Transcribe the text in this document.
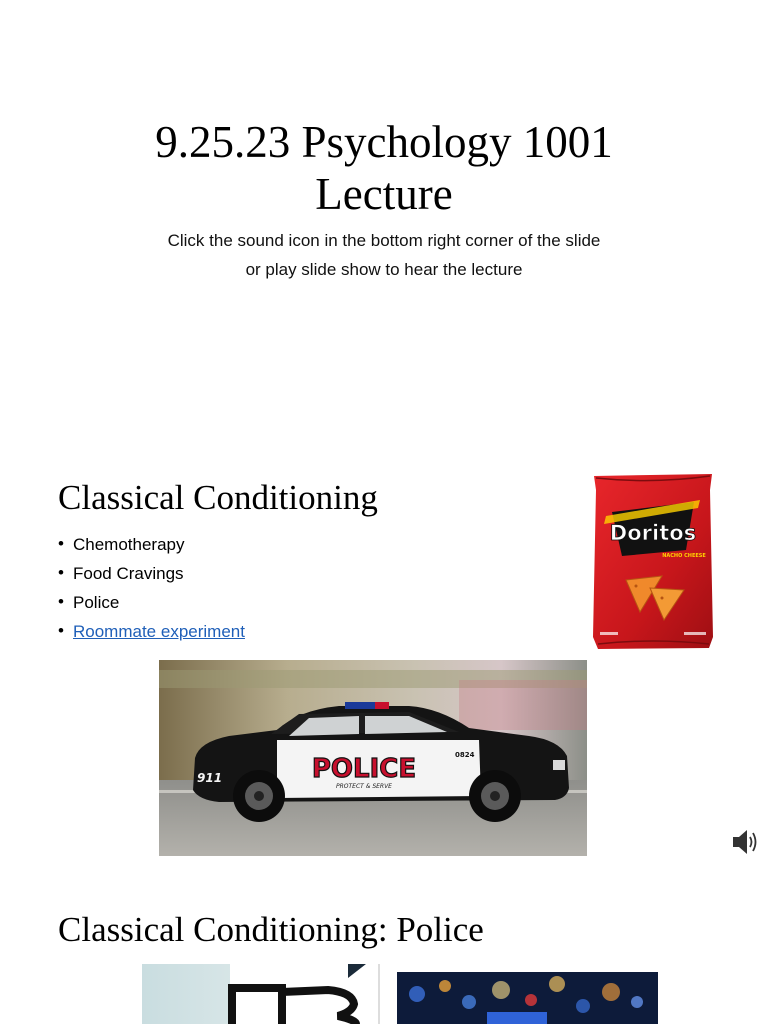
9.25.23 Psychology 1001
Lecture
Click the sound icon in the bottom right corner of the slide
or play slide show to hear the lecture
Classical Conditioning
• Chemotherapy
• Food Cravings
• Police
• Roommate experiment
Doritos
NACHO CHEESE
POLICE
PROTECT & SERVE
0824
911
Classical Conditioning: Police
